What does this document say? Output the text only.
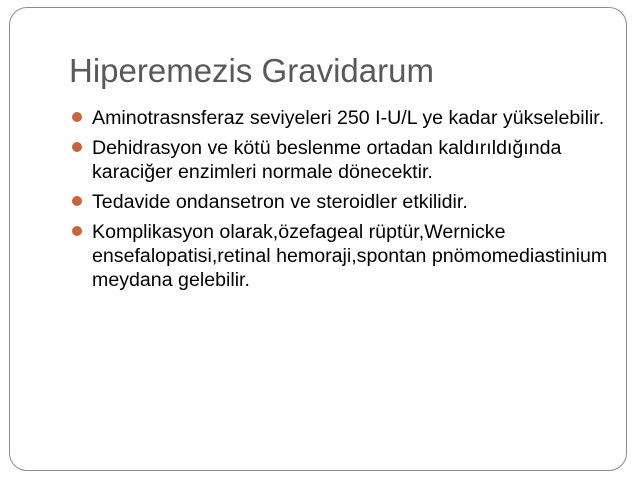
Hiperemezis Gravidarum
Aminotrasnsferaz seviyeleri 250 I-U/L ye kadar yükselebilir.
Dehidrasyon ve kötü beslenme ortadan kaldırıldığında karaciğer enzimleri normale dönecektir.
Tedavide ondansetron ve steroidler etkilidir.
Komplikasyon olarak,özefageal rüptür,Wernicke ensefalopatisi,retinal hemoraji,spontan pnömomediastinium meydana gelebilir.
